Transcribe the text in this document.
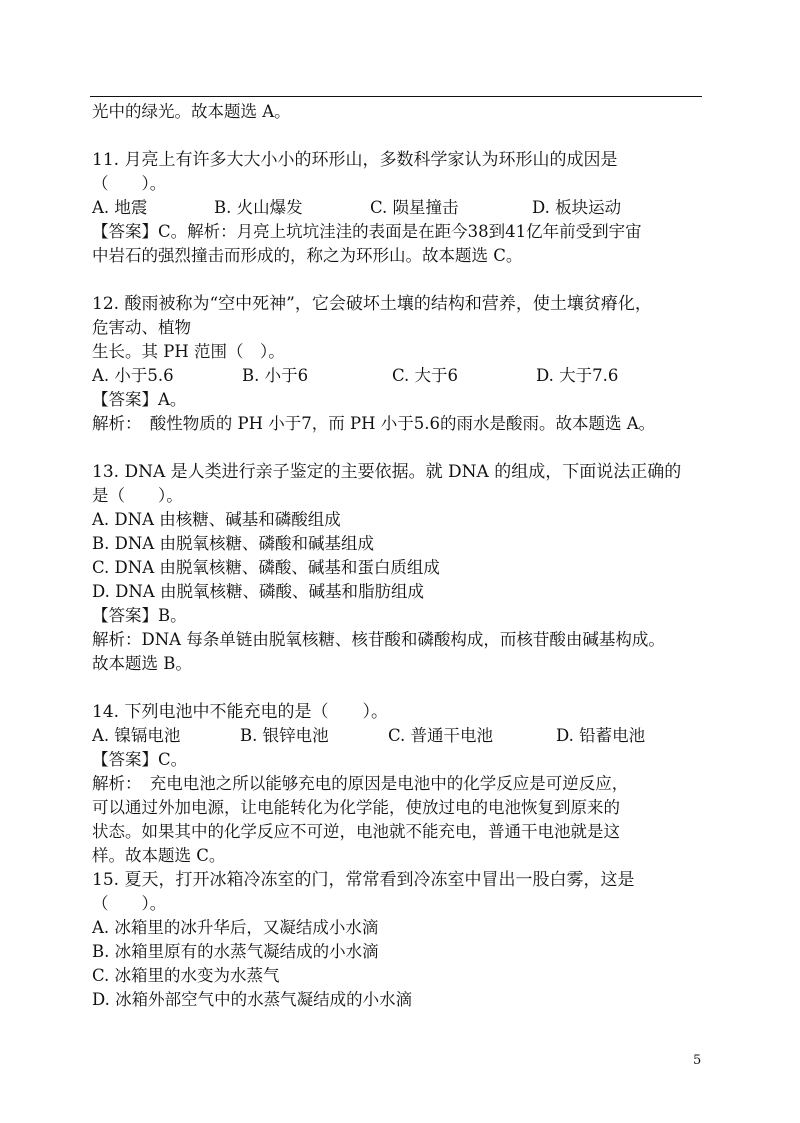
光中的绿光。故本题选 A。
11. 月亮上有许多大大小小的环形山，多数科学家认为环形山的成因是
（　　）。
A. 地震	B. 火山爆发	C. 陨星撞击	D. 板块运动
【答案】C。解析：月亮上坑坑洼洼的表面是在距今38到41亿年前受到宇宙
中岩石的强烈撞击而形成的，称之为环形山。故本题选 C。
12. 酸雨被称为“空中死神”，它会破坏土壤的结构和营养，使土壤贫瘠化，
危害动、植物
生长。其 PH 范围（　）。
A. 小于5.6	B. 小于6	C. 大于6	D. 大于7.6
【答案】A。
解析：　酸性物质的 PH 小于7，而 PH 小于5.6的雨水是酸雨。故本题选 A。
13. DNA 是人类进行亲子鉴定的主要依据。就 DNA 的组成，下面说法正确的
是（　　）。
A. DNA 由核糖、碱基和磷酸组成
B. DNA 由脱氧核糖、磷酸和碱基组成
C. DNA 由脱氧核糖、磷酸、碱基和蛋白质组成
D. DNA 由脱氧核糖、磷酸、碱基和脂肪组成
【答案】B。
解析：DNA 每条单链由脱氧核糖、核苷酸和磷酸构成，而核苷酸由碱基构成。
故本题选 B。
14. 下列电池中不能充电的是（　　）。
A. 镍镉电池	B. 银锌电池	C. 普通干电池	D. 铅蓄电池
【答案】C。
解析：　充电电池之所以能够充电的原因是电池中的化学反应是可逆反应，
可以通过外加电源，让电能转化为化学能，使放过电的电池恢复到原来的
状态。如果其中的化学反应不可逆，电池就不能充电，普通干电池就是这
样。故本题选 C。
15. 夏天，打开冰箱冷冻室的门，常常看到冷冻室中冒出一股白雾，这是
（　　）。
A. 冰箱里的冰升华后，又凝结成小水滴
B. 冰箱里原有的水蒸气凝结成的小水滴
C. 冰箱里的水变为水蒸气
D. 冰箱外部空气中的水蒸气凝结成的小水滴
5
